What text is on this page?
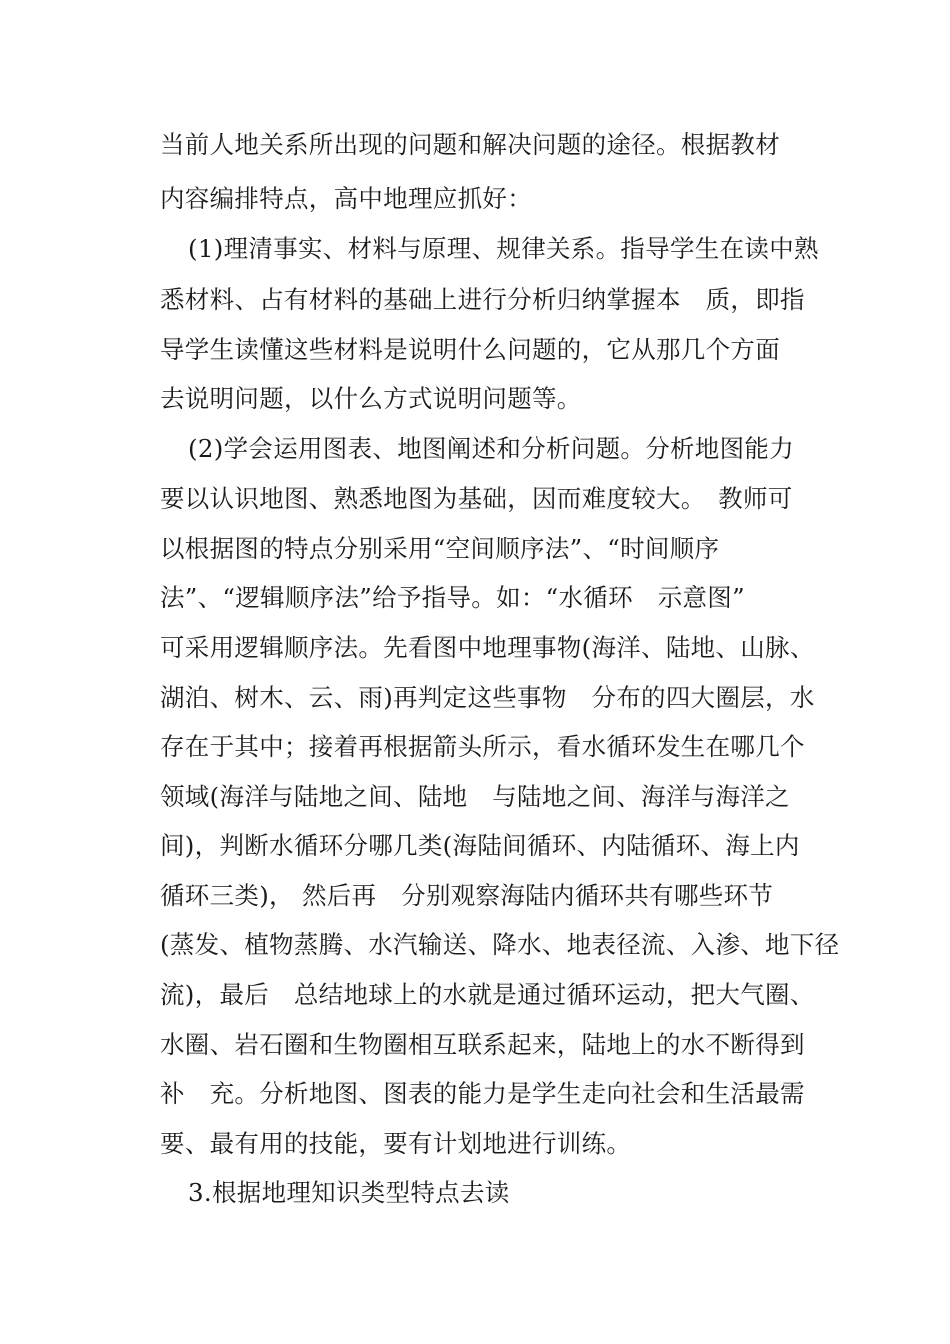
当前人地关系所出现的问题和解决问题的途径。根据教材
内容编排特点，高中地理应抓好：
(1)理清事实、材料与原理、规律关系。指导学生在读中熟
悉材料、占有材料的基础上进行分析归纳掌握本　质，即指
导学生读懂这些材料是说明什么问题的，它从那几个方面
去说明问题，以什么方式说明问题等。
(2)学会运用图表、地图阐述和分析问题。分析地图能力
要以认识地图、熟悉地图为基础，因而难度较大。　教师可
以根据图的特点分别采用“空间顺序法”、“时间顺序
法”、“逻辑顺序法”给予指导。如：“水循环　示意图”
可采用逻辑顺序法。先看图中地理事物(海洋、陆地、山脉、
湖泊、树木、云、雨)再判定这些事物　分布的四大圈层，水
存在于其中；接着再根据箭头所示，看水循环发生在哪几个
领域(海洋与陆地之间、陆地　与陆地之间、海洋与海洋之
间)，判断水循环分哪几类(海陆间循环、内陆循环、海上内
循环三类)， 然后再　分别观察海陆内循环共有哪些环节
(蒸发、植物蒸腾、水汽输送、降水、地表径流、入渗、地下径
流)，最后　总结地球上的水就是通过循环运动，把大气圈、
水圈、岩石圈和生物圈相互联系起来，陆地上的水不断得到
补　充。分析地图、图表的能力是学生走向社会和生活最需
要、最有用的技能，要有计划地进行训练。
3.根据地理知识类型特点去读
